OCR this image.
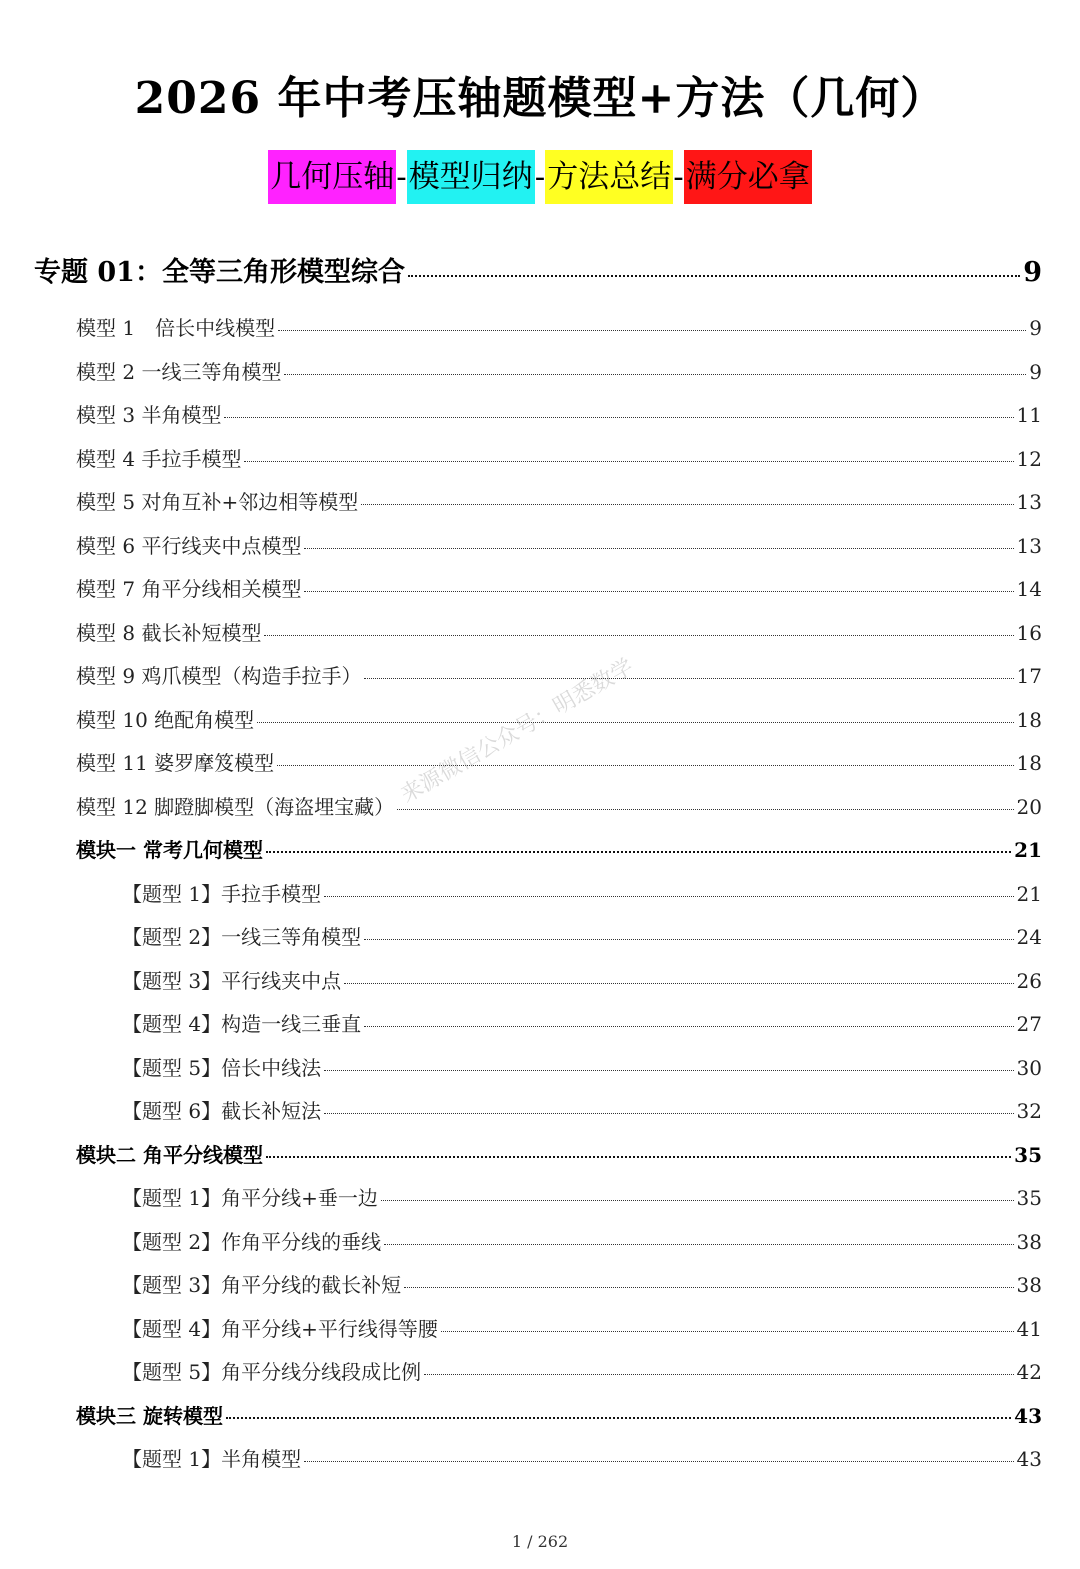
2026 年中考压轴题模型+方法（几何）
几何压轴 - 模型归纳 - 方法总结 - 满分必拿
专题 01：全等三角形模型综合	9
模型 1　倍长中线模型	9
模型 2 一线三等角模型	9
模型 3 半角模型	11
模型 4 手拉手模型	12
模型 5 对角互补+邻边相等模型	13
模型 6 平行线夹中点模型	13
模型 7 角平分线相关模型	14
模型 8 截长补短模型	16
模型 9 鸡爪模型（构造手拉手）	17
模型 10 绝配角模型	18
模型 11 婆罗摩笈模型	18
模型 12 脚蹬脚模型（海盗埋宝藏）	20
模块一 常考几何模型	21
【题型 1】手拉手模型	21
【题型 2】一线三等角模型	24
【题型 3】平行线夹中点	26
【题型 4】构造一线三垂直	27
【题型 5】倍长中线法	30
【题型 6】截长补短法	32
模块二 角平分线模型	35
【题型 1】角平分线+垂一边	35
【题型 2】作角平分线的垂线	38
【题型 3】角平分线的截长补短	38
【题型 4】角平分线+平行线得等腰	41
【题型 5】角平分线分线段成比例	42
模块三 旋转模型	43
【题型 1】半角模型	43
来源微信公众号：明悉数学
1 / 262
